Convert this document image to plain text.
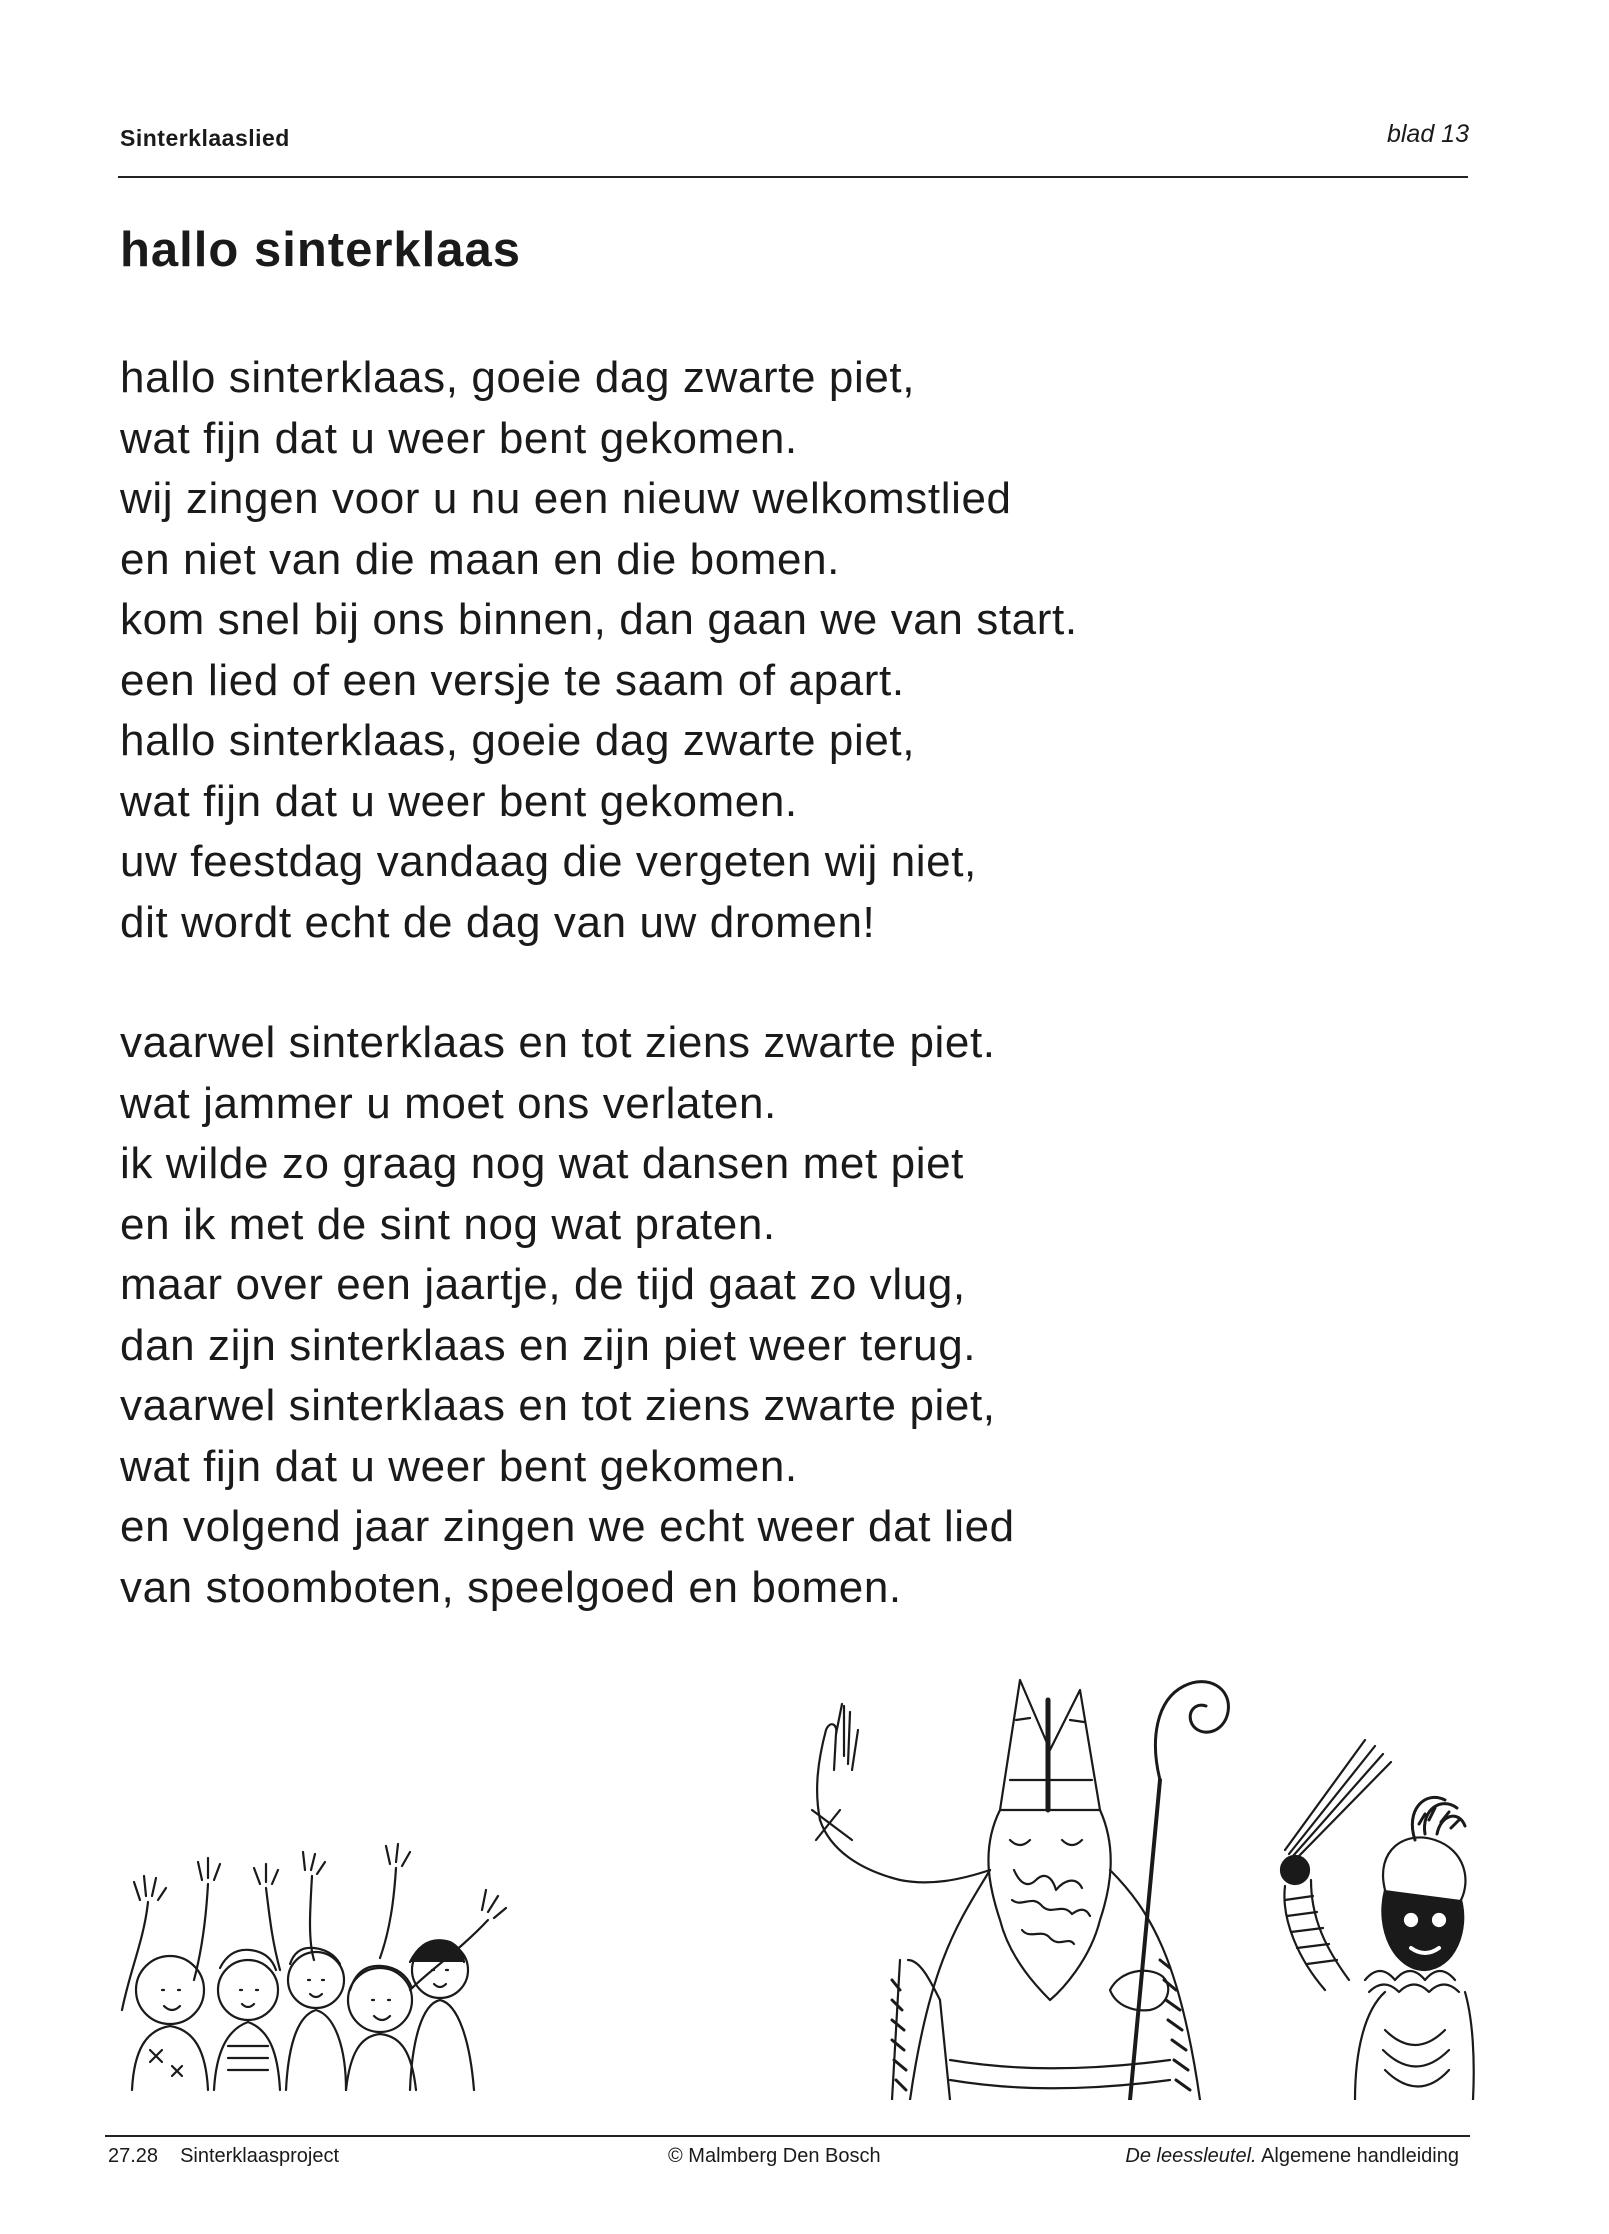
Sinterklaaslied	blad 13
hallo sinterklaas
hallo sinterklaas, goeie dag zwarte piet,
wat fijn dat u weer bent gekomen.
wij zingen voor u nu een nieuw welkomstlied
en niet van die maan en die bomen.
kom snel bij ons binnen, dan gaan we van start.
een lied of een versje te saam of apart.
hallo sinterklaas, goeie dag zwarte piet,
wat fijn dat u weer bent gekomen.
uw feestdag vandaag die vergeten wij niet,
dit wordt echt de dag van uw dromen!
vaarwel sinterklaas en tot ziens zwarte piet.
wat jammer u moet ons verlaten.
ik wilde zo graag nog wat dansen met piet
en ik met de sint nog wat praten.
maar over een jaartje, de tijd gaat zo vlug,
dan zijn sinterklaas en zijn piet weer terug.
vaarwel sinterklaas en tot ziens zwarte piet,
wat fijn dat u weer bent gekomen.
en volgend jaar zingen we echt weer dat lied
van stoomboten, speelgoed en bomen.
27.28 Sinterklaasproject	© Malmberg Den Bosch	De leessleutel. Algemene handleiding
